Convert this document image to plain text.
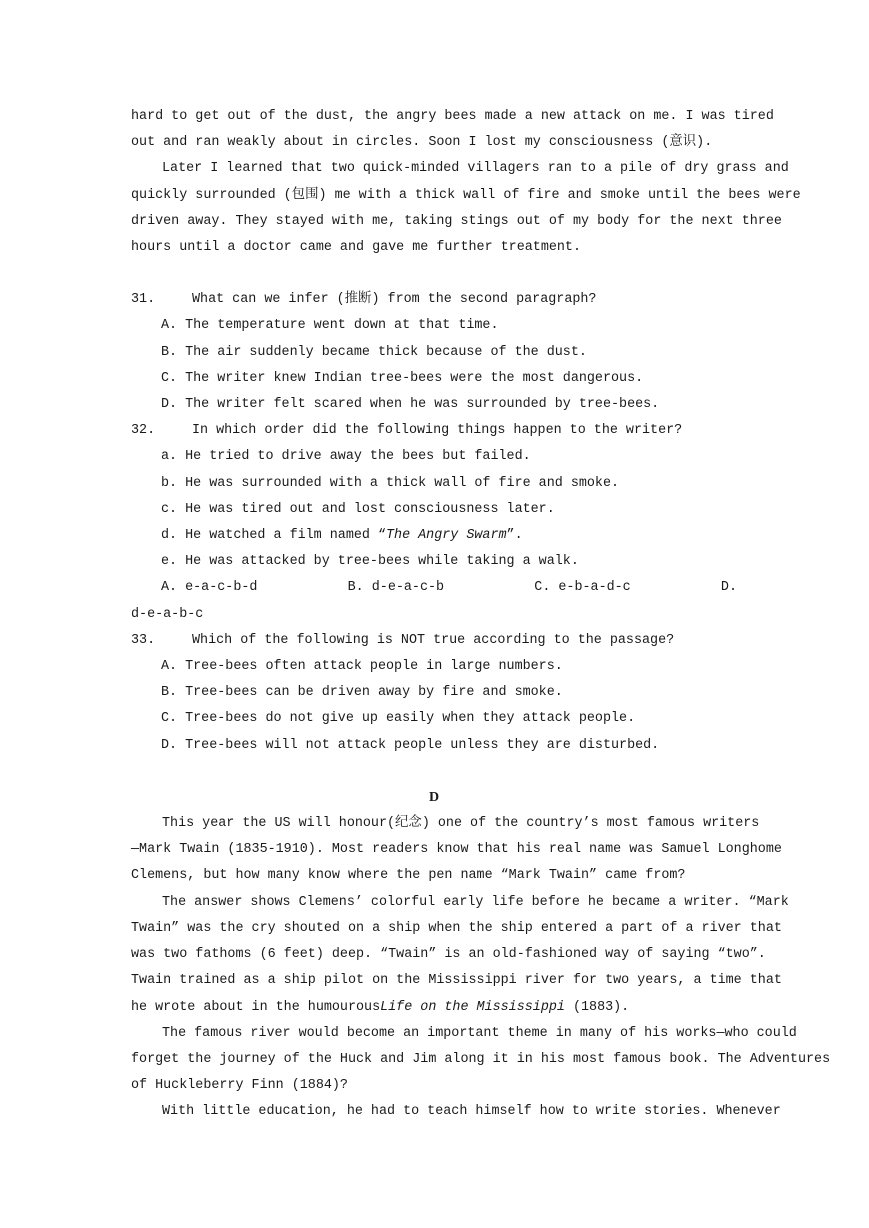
hard to get out of the dust, the angry bees made a new attack on me. I was tired
out and ran weakly about in circles. Soon I lost my consciousness (意识).
Later I learned that two quick-minded villagers ran to a pile of dry grass and
quickly surrounded (包围) me with a thick wall of fire and smoke until the bees were
driven away. They stayed with me, taking stings out of my body for the next three
hours until a doctor came and gave me further treatment.
31.	What can we infer (推断) from the second paragraph?
A. The temperature went down at that time.
B. The air suddenly became thick because of the dust.
C. The writer knew Indian tree-bees were the most dangerous.
D. The writer felt scared when he was surrounded by tree-bees.
32.	In which order did the following things happen to the writer?
a. He tried to drive away the bees but failed.
b. He was surrounded with a thick wall of fire and smoke.
c. He was tired out and lost consciousness later.
d. He watched a film named “The Angry Swarm”.
e. He was attacked by tree-bees while taking a walk.
A. e-a-c-b-d	B. d-e-a-c-b	C. e-b-a-d-c	D.
d-e-a-b-c
33.	Which of the following is NOT true according to the passage?
A. Tree-bees often attack people in large numbers.
B. Tree-bees can be driven away by fire and smoke.
C. Tree-bees do not give up easily when they attack people.
D. Tree-bees will not attack people unless they are disturbed.
D
This year the US will honour(纪念) one of the country’s most famous writers
—Mark Twain (1835-1910). Most readers know that his real name was Samuel Longhome
Clemens, but how many know where the pen name “Mark Twain” came from?
The answer shows Clemens’ colorful early life before he became a writer. “Mark
Twain” was the cry shouted on a ship when the ship entered a part of a river that
was two fathoms (6 feet) deep. “Twain” is an old-fashioned way of saying “two”.
Twain trained as a ship pilot on the Mississippi river for two years, a time that
he wrote about in the humourousLife on the Mississippi (1883).
The famous river would become an important theme in many of his works—who could
forget the journey of the Huck and Jim along it in his most famous book. The Adventures
of Huckleberry Finn (1884)?
With little education, he had to teach himself how to write stories. Whenever
